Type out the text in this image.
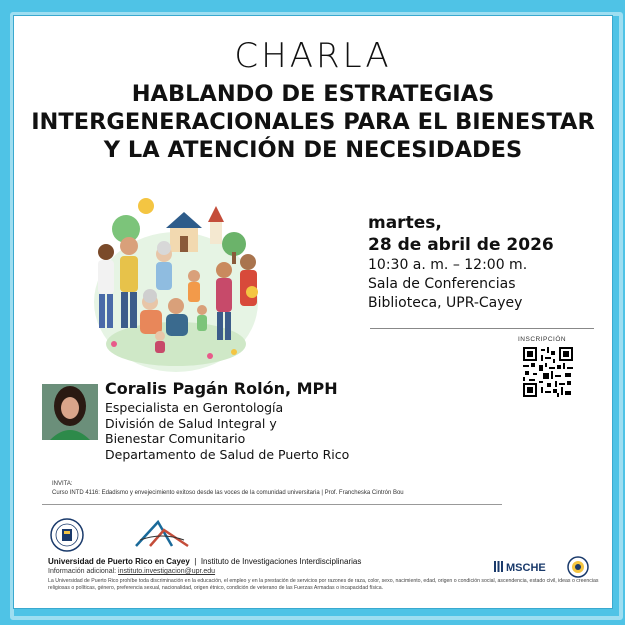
CHARLA
HABLANDO DE ESTRATEGIAS
INTERGENERACIONALES PARA EL BIENESTAR
Y LA ATENCIÓN DE NECESIDADES
martes,
28 de abril de 2026
10:30 a. m. – 12:00 m.
Sala de Conferencias
Biblioteca, UPR-Cayey
INSCRIPCIÓN
Coralis Pagán Rolón, MPH
Especialista en Gerontología
División de Salud Integral y
Bienestar Comunitario
Departamento de Salud de Puerto Rico
INVITA:
Curso INTD 4116: Edadismo y envejecimiento exitoso desde las voces de la comunidad universitaria | Prof. Francheska Cintrón Bou
Universidad de Puerto Rico en Cayey | Instituto de Investigaciones Interdisciplinarias
Información adicional: instituto.investigacion@upr.edu
La Universidad de Puerto Rico prohíbe toda discriminación en la educación, el empleo y en la prestación de servicios por razones de raza, color, sexo, nacimiento, edad, origen o condición social, ascendencia, estado civil, ideas o creencias religiosas o políticas, género, preferencia sexual, nacionalidad, origen étnico, condición de veterano de las Fuerzas Armadas o incapacidad física.
MSCHE
